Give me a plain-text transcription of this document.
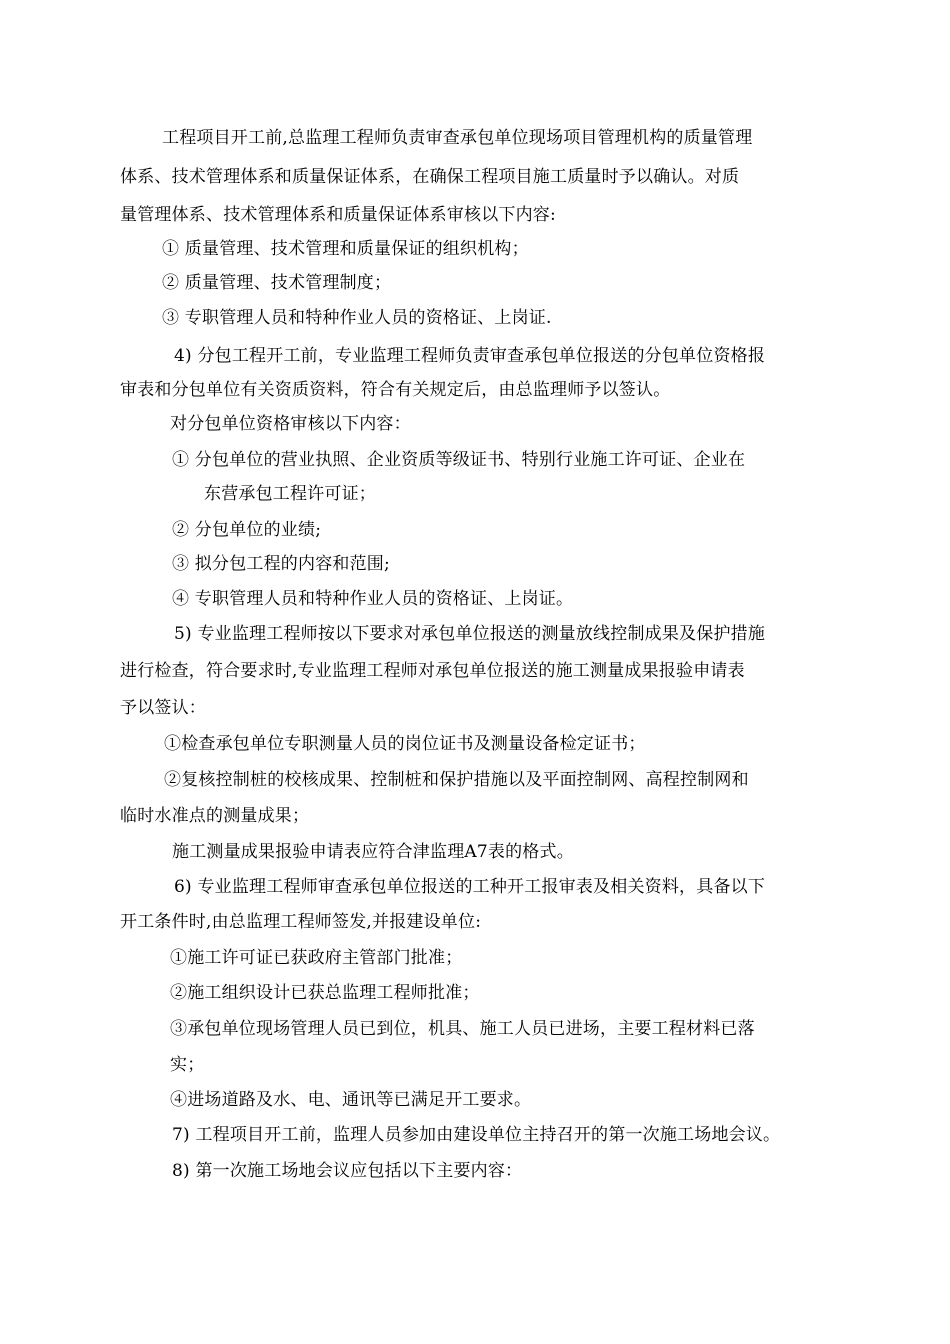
工程项目开工前,总监理工程师负责审查承包单位现场项目管理机构的质量管理
体系、技术管理体系和质量保证体系，在确保工程项目施工质量时予以确认。对质
量管理体系、技术管理体系和质量保证体系审核以下内容:
① 质量管理、技术管理和质量保证的组织机构；
② 质量管理、技术管理制度；
③ 专职管理人员和特种作业人员的资格证、上岗证.
4) 分包工程开工前，专业监理工程师负责审查承包单位报送的分包单位资格报
审表和分包单位有关资质资料，符合有关规定后，由总监理师予以签认。
对分包单位资格审核以下内容：
① 分包单位的营业执照、企业资质等级证书、特别行业施工许可证、企业在
东营承包工程许可证；
② 分包单位的业绩;
③ 拟分包工程的内容和范围;
④ 专职管理人员和特种作业人员的资格证、上岗证。
5) 专业监理工程师按以下要求对承包单位报送的测量放线控制成果及保护措施
进行检查，符合要求时,专业监理工程师对承包单位报送的施工测量成果报验申请表
予以签认：
①检查承包单位专职测量人员的岗位证书及测量设备检定证书；
②复核控制桩的校核成果、控制桩和保护措施以及平面控制网、高程控制网和
临时水准点的测量成果；
施工测量成果报验申请表应符合津监理A7表的格式。
6) 专业监理工程师审查承包单位报送的工种开工报审表及相关资料，具备以下
开工条件时,由总监理工程师签发,并报建设单位:
①施工许可证已获政府主管部门批准；
②施工组织设计已获总监理工程师批准；
③承包单位现场管理人员已到位，机具、施工人员已进场，主要工程材料已落
实；
④进场道路及水、电、通讯等已满足开工要求。
7) 工程项目开工前，监理人员参加由建设单位主持召开的第一次施工场地会议。
8) 第一次施工场地会议应包括以下主要内容：
